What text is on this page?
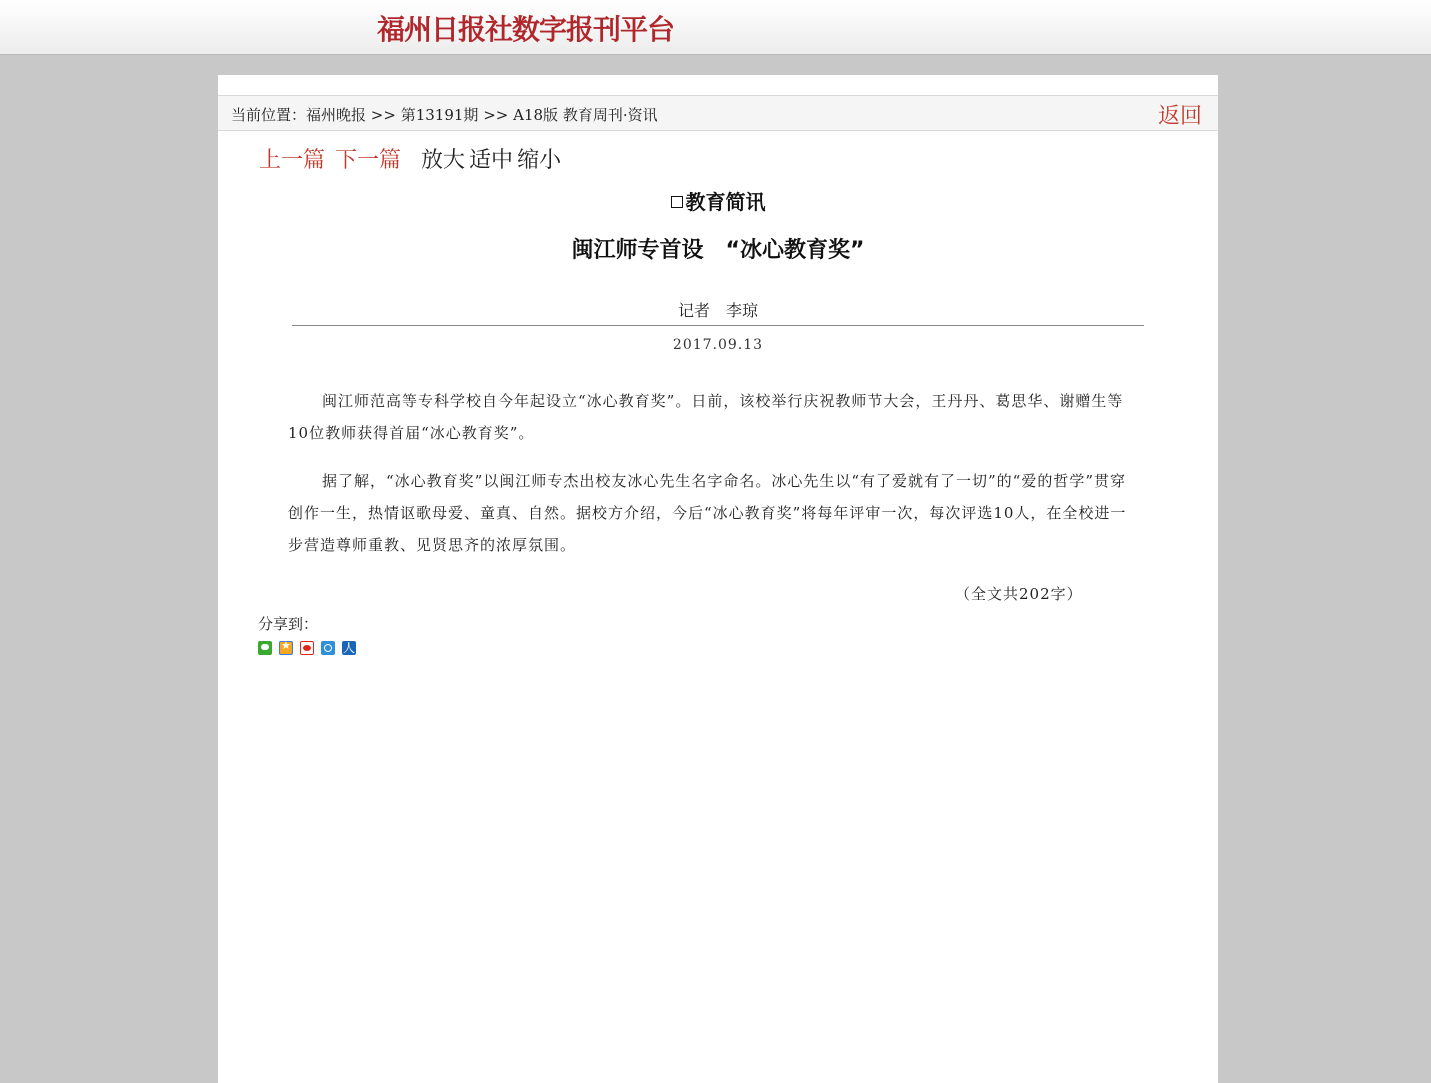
福州日报社数字报刊平台
当前位置：福州晚报 >> 第13191期 >> A18版 教育周刊·资讯	返回
上一篇 下一篇 放大 适中 缩小
教育简讯
闽江师专首设　“冰心教育奖”
记者　李琼
2017.09.13

闽江师范高等专科学校自今年起设立“冰心教育奖”。日前，该校举行庆祝教师节大会，王丹丹、葛思华、谢赠生等10位教师获得首届“冰心教育奖”。

据了解，“冰心教育奖”以闽江师专杰出校友冰心先生名字命名。冰心先生以“有了爱就有了一切”的“爱的哲学”贯穿创作一生，热情讴歌母爱、童真、自然。据校方介绍，今后“冰心教育奖”将每年评审一次，每次评选10人，在全校进一步营造尊师重教、见贤思齐的浓厚氛围。

（全文共202字）
分享到：
★人
